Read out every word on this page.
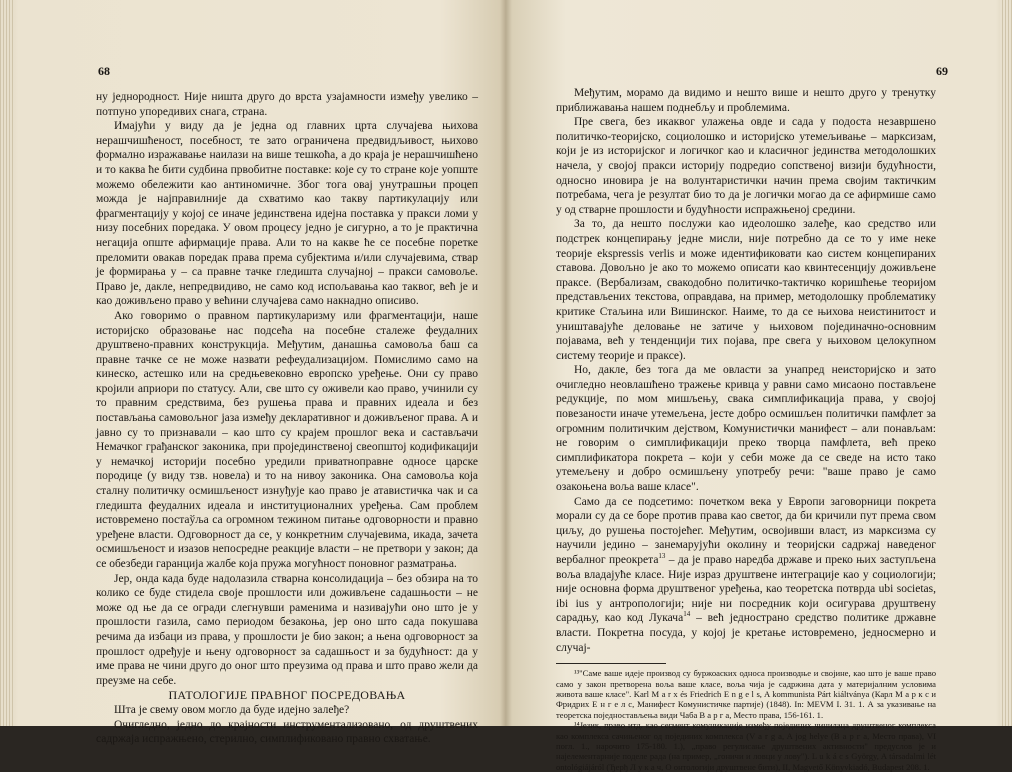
68

ну једнородност. Није ништа друго до врста узајамности између увелико – потпуно упоредивих снага, страна.

Имајући у виду да је једна од главних црта случајева њихова нерашчишћеност, посебност, те зато ограничена предвидљивост, њихово формално изражавање наилази на више тешкоћа, а до краја је нерашчишћено и то каква ће бити судбина првобитне поставке: које су то стране које уопште можемо обележити као антиномичне. Због тога овај унутрашњи процеп можда је најправилније да схватимо као такву партикулацију или фрагментацију у којој се иначе јединствена идејна поставка у пракси ломи у низу посебних поредака. У овом процесу једно је сигурно, а то је практична негација опште афирмације права. Али то на какве ће се посебне поретке преломити овакав поредак права према субјектима и/или случајевима, ствар је формирања у – са правне тачке гледишта случајној – пракси самовоље. Право је, дакле, непредвидиво, не само код испољавања као таквог, већ је и као доживљено право у већини случајева само накнадно описиво.

Ако говоримо о правном партикуларизму или фрагментацији, наше историјско образовање нас подсећа на посебне сталеже феудалних друштвено-правних конструкција. Међутим, данашња самовоља баш са правне тачке се не може назвати рефеудализацијом. Помислимо само на кинеско, астешко или на средњевековно европско уређење. Они су право кројили априори по статусу. Али, све што су оживели као право, учинили су то правним средствима, без рушења права и правних идеала и без постављања самовољног јаза између декларативног и доживљеног права. А и јавно су то признавали – као што су крајем прошлог века и састављачи Немачког грађанског законика, при пројединственој свеопштој кодификацији у немачкој историји посебно уредили приватноправне односе царске породице (у виду тзв. новела) и то на нивоу законика. Она самовоља која сталну политичку осмишљеност изнуђује као право је атавистичка чак и са гледишта феудалних идеала и институционалних уређења. Сам проблем истовремено постаўља са огромном тежином питање одговорности и правно уређене власти. Одговорност да се, у конкретним случајевима, икада, зачета осмишљеност и изазов непосредне реакције власти – не претвори у закон; да се обезбеди гаранција жалбе која пружа могућност поновног разматрања.

Јер, онда када буде надолазила стварна консолидација – без обзира на то колико се буде стидела своје прошлости или доживљене садашњости – не може од ње да се огради слегнувши раменима и називајући оно што је у прошлости газила, само периодом безакоња, јер оно што сада покушава речима да избаци из права, у прошлости је био закон; а њена одговорност за прошлост одређује и њену одговорност за садашњост и за будућност: да у име права не чини друго до оног што преузима од права и што право жели да преузме на себе.

ПАТОЛОГИЈЕ ПРАВНОГ ПОСРЕДОВАЊА

Шта је свему овом могло да буде идејно залеђе?

Очигледно, једно до крајности инструментализовано, од друштвених садржаја испражњено, стерилно, симплификовано правно схватање.

69

Међутим, морамо да видимо и нешто више и нешто друго у тренутку приближавања нашем поднебљу и проблемима.

Пре свега, без икаквог улажења овде и сада у подоста незавршено политичко-теоријско, социолошко и историјско утемељивање – марксизам, који је из историјског и логичког као и класичног јединства методолошких начела, у својој пракси историју подредио сопственој визији будућности, односно иновира је на волунтаристички начин према својим тактичким потребама, чега је резултат био то да је логички могао да се афирмише само у од стварне прошлости и будућности испражњеној средини.

За то, да нешто послужи као идеолошко залеђе, као средство или подстрек концепирању једне мисли, није потребно да се то у име неке теорије ekspressis verlis и може идентификовати као систем концепираних ставова. Довољно је ако то можемо описати као квинтесенцију доживљене праксе. (Вербализам, свакодобно политичко-тактичко коришћење теоријом представљених текстова, оправдава, на пример, методолошку проблематику критике Стаљина или Вишинског. Наиме, то да се њихова неистинитост и уништавајуће деловање не затиче у њиховом појединачно-основним појавама, већ у тенденцији тих појава, пре свега у њиховом целокупном систему теорије и праксе).

Но, дакле, без тога да ме овласти за унапред неисторијско и зато очигледно неовлашћено тражење кривца у равни само мисаоно постављене редукције, по мом мишљењу, свака симплификација права, у својој повезаности иначе утемељена, јесте добро осмишљен политички памфлет за огромним политичким дејством, Комунистички манифест – али понављам: не говорим о симплификацији преко творца памфлета, већ преко симплификатора покрета – који у себи може да се сведе на исто тако утемељену и добро осмишљену употребу речи: "ваше право је само озакоњена воља ваше класе".

Само да се подсетимо: почетком века у Европи заговорници покрета морали су да се боре против права као светог, да би кричили пут према свом циљу, до рушења постојећег. Међутим, освојивши власт, из марксизма су научили једино – занемарујући околину и теоријски садржај наведеног вербалног преокрета$^{13}$ – да је право наредба државе и преко њих заступљена воља владајуће класе. Није израз друштвене интеграције као у социологији; није основна форма друштвеног уређења, као теоретска потврда ubi societas, ibi ius у антропологији; није ни посредник који осигурава друштвену сарадњу, као код Лукача$^{14}$ – већ једнострано средство политике државне власти. Покретна посуда, у којој је кретање истовремено, једносмерно и случај-

¹³"Саме ваше идеје производ су буржоаских односа производње и својине, као што је ваше право само у закон претворена воља ваше класе, воља чија је садржина дата у материјалним условима живота ваше класе". Karl M a r x és Friedrich E n g e l s, A kommunista Párt kiáltványa (Карл М а р к с и Фридрих Е н г е л с, Манифест Комунистичке партије) (1848). In: MEVM I. 31. 1. А за указивање на теоретска поједностављења види Чаба В а р г а, Место права, 156-161. 1.

¹⁴Језик, право итд. као сегмент комуникације између појединих чинилаца друштвеног комплекса као комплекса сачињеног од појединих комплекса (V a r g a, A jog helye (В а р г а, Место права), VI погл. 1., нарочито 175-180. 1.), „право регулисање друштвених активности" предуслов је и најелементарније поделе рада (на пример, „гоничи и ловци у лову"). L u k á c s György, A társadalmi lét ontológiájáról (Ђерђ Л у к а ч, О онтологији друштвене бити), II, Magvető Könyvkiadó, Budapest 208. 1.
